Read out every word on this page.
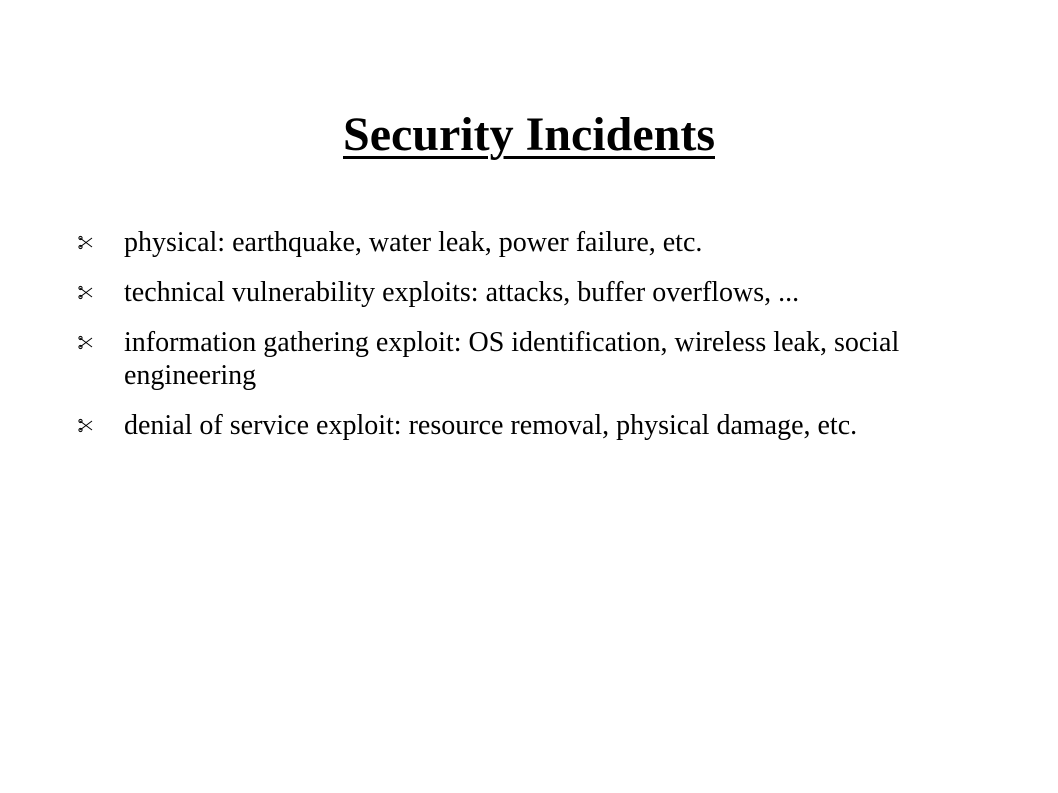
Security Incidents
physical: earthquake, water leak, power failure, etc.
technical vulnerability exploits: attacks, buffer overflows, ...
information gathering exploit: OS identification, wireless leak, social engineering
denial of service exploit: resource removal, physical damage, etc.
